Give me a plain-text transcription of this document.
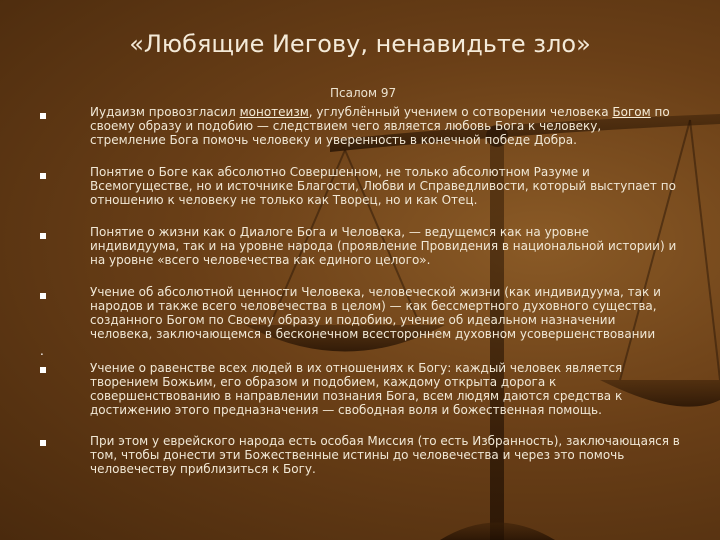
«Любящие Иегову, ненавидьте зло»
Псалом 97
Иудаизм провозгласил монотеизм, углублённый учением о сотворении человека Богом по своему образу и подобию — следствием чего является любовь Бога к человеку, стремление Бога помочь человеку и уверенность в конечной победе Добра.
Понятие о Боге как абсолютно Совершенном, не только абсолютном Разуме и Всемогуществе, но и источнике Благости, Любви и Справедливости, который выступает по отношению к человеку не только как Творец, но и как Отец.
Понятие о жизни как о Диалоге Бога и Человека, — ведущемся как на уровне индивидуума, так и на уровне народа (проявление Провидения в национальной истории) и на уровне «всего человечества как единого целого».
Учение об абсолютной ценности Человека, человеческой жизни (как индивидуума, так и народов и также всего человечества в целом) — как бессмертного духовного существа, созданного Богом по Своему образу и подобию, учение об идеальном назначении человека, заключающемся в бесконечном всестороннем духовном усовершенствовании
.
Учение о равенстве всех людей в их отношениях к Богу: каждый человек является творением Божьим, его образом и подобием, каждому открыта дорога к совершенствованию в направлении познания Бога, всем людям даются средства к достижению этого предназначения — свободная воля и божественная помощь.
При этом у еврейского народа есть особая Миссия (то есть Избранность), заключающаяся в том, чтобы донести эти Божественные истины до человечества и через это помочь человечеству приблизиться к Богу.
